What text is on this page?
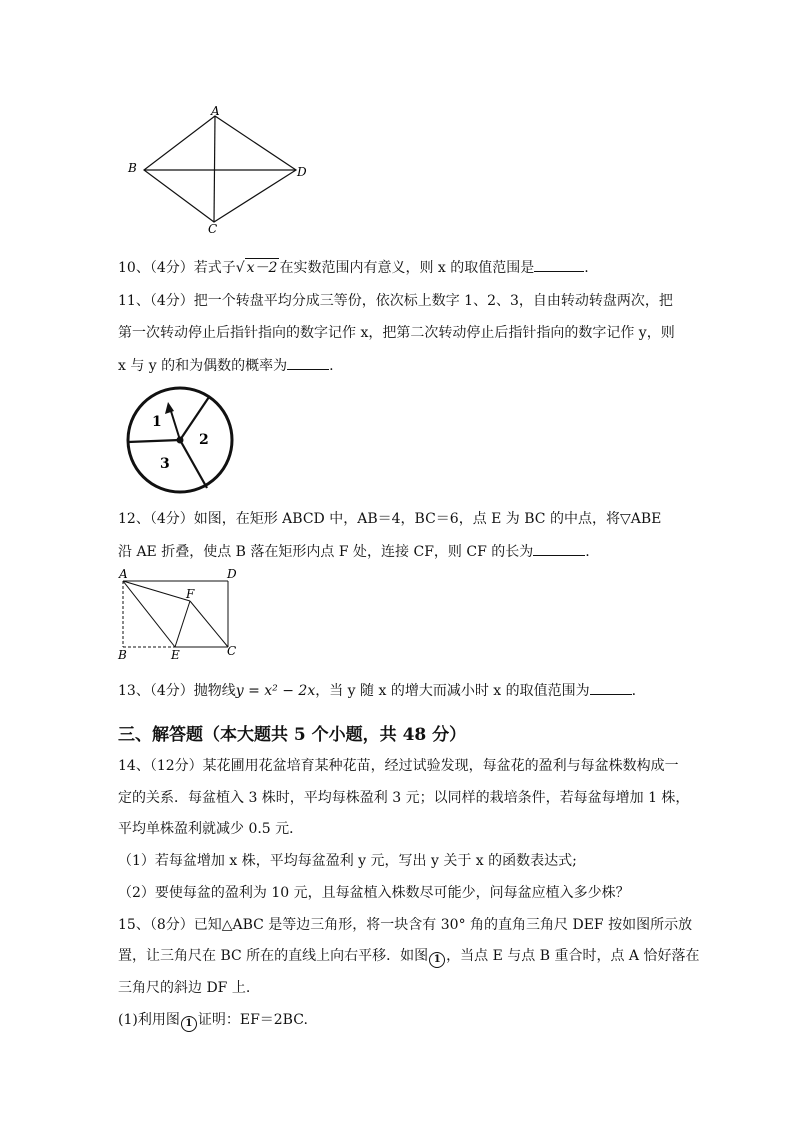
A
B	D
C
10、（4分）若式子√ x－2 在实数范围内有意义，则 x 的取值范围是	.
11、（4分）把一个转盘平均分成三等份，依次标上数字 1、2、3，自由转动转盘两次，把
第一次转动停止后指针指向的数字记作 x，把第二次转动停止后指针指向的数字记作 y，则
x 与 y 的和为偶数的概率为	.
1
2
3
12、（4分）如图，在矩形 ABCD 中，AB＝4，BC＝6，点 E 为 BC 的中点，将▽ABE
沿 AE 折叠，使点 B 落在矩形内点 F 处，连接 CF，则 CF 的长为	.
A	D
F
B	E	C
13、（4分）抛物线y = x² − 2x，当 y 随 x 的增大而减小时 x 的取值范围为	.
三、解答题（本大题共 5 个小题，共 48 分）
14、（12分）某花圃用花盆培育某种花苗，经过试验发现，每盆花的盈利与每盆株数构成一
定的关系．每盆植入 3 株时，平均每株盈利 3 元；以同样的栽培条件，若每盆每增加 1 株，
平均单株盈利就减少 0.5 元．
（1）若每盆增加 x 株，平均每盆盈利 y 元，写出 y 关于 x 的函数表达式;
（2）要使每盆的盈利为 10 元，且每盆植入株数尽可能少，问每盆应植入多少株？
15、（8分）已知△ABC 是等边三角形，将一块含有 30° 角的直角三角尺 DEF 按如图所示放
置，让三角尺在 BC 所在的直线上向右平移．如图 1 ，当点 E 与点 B 重合时，点 A 恰好落在
三角尺的斜边 DF 上.
(1)利用图 1 证明：EF＝2BC.
